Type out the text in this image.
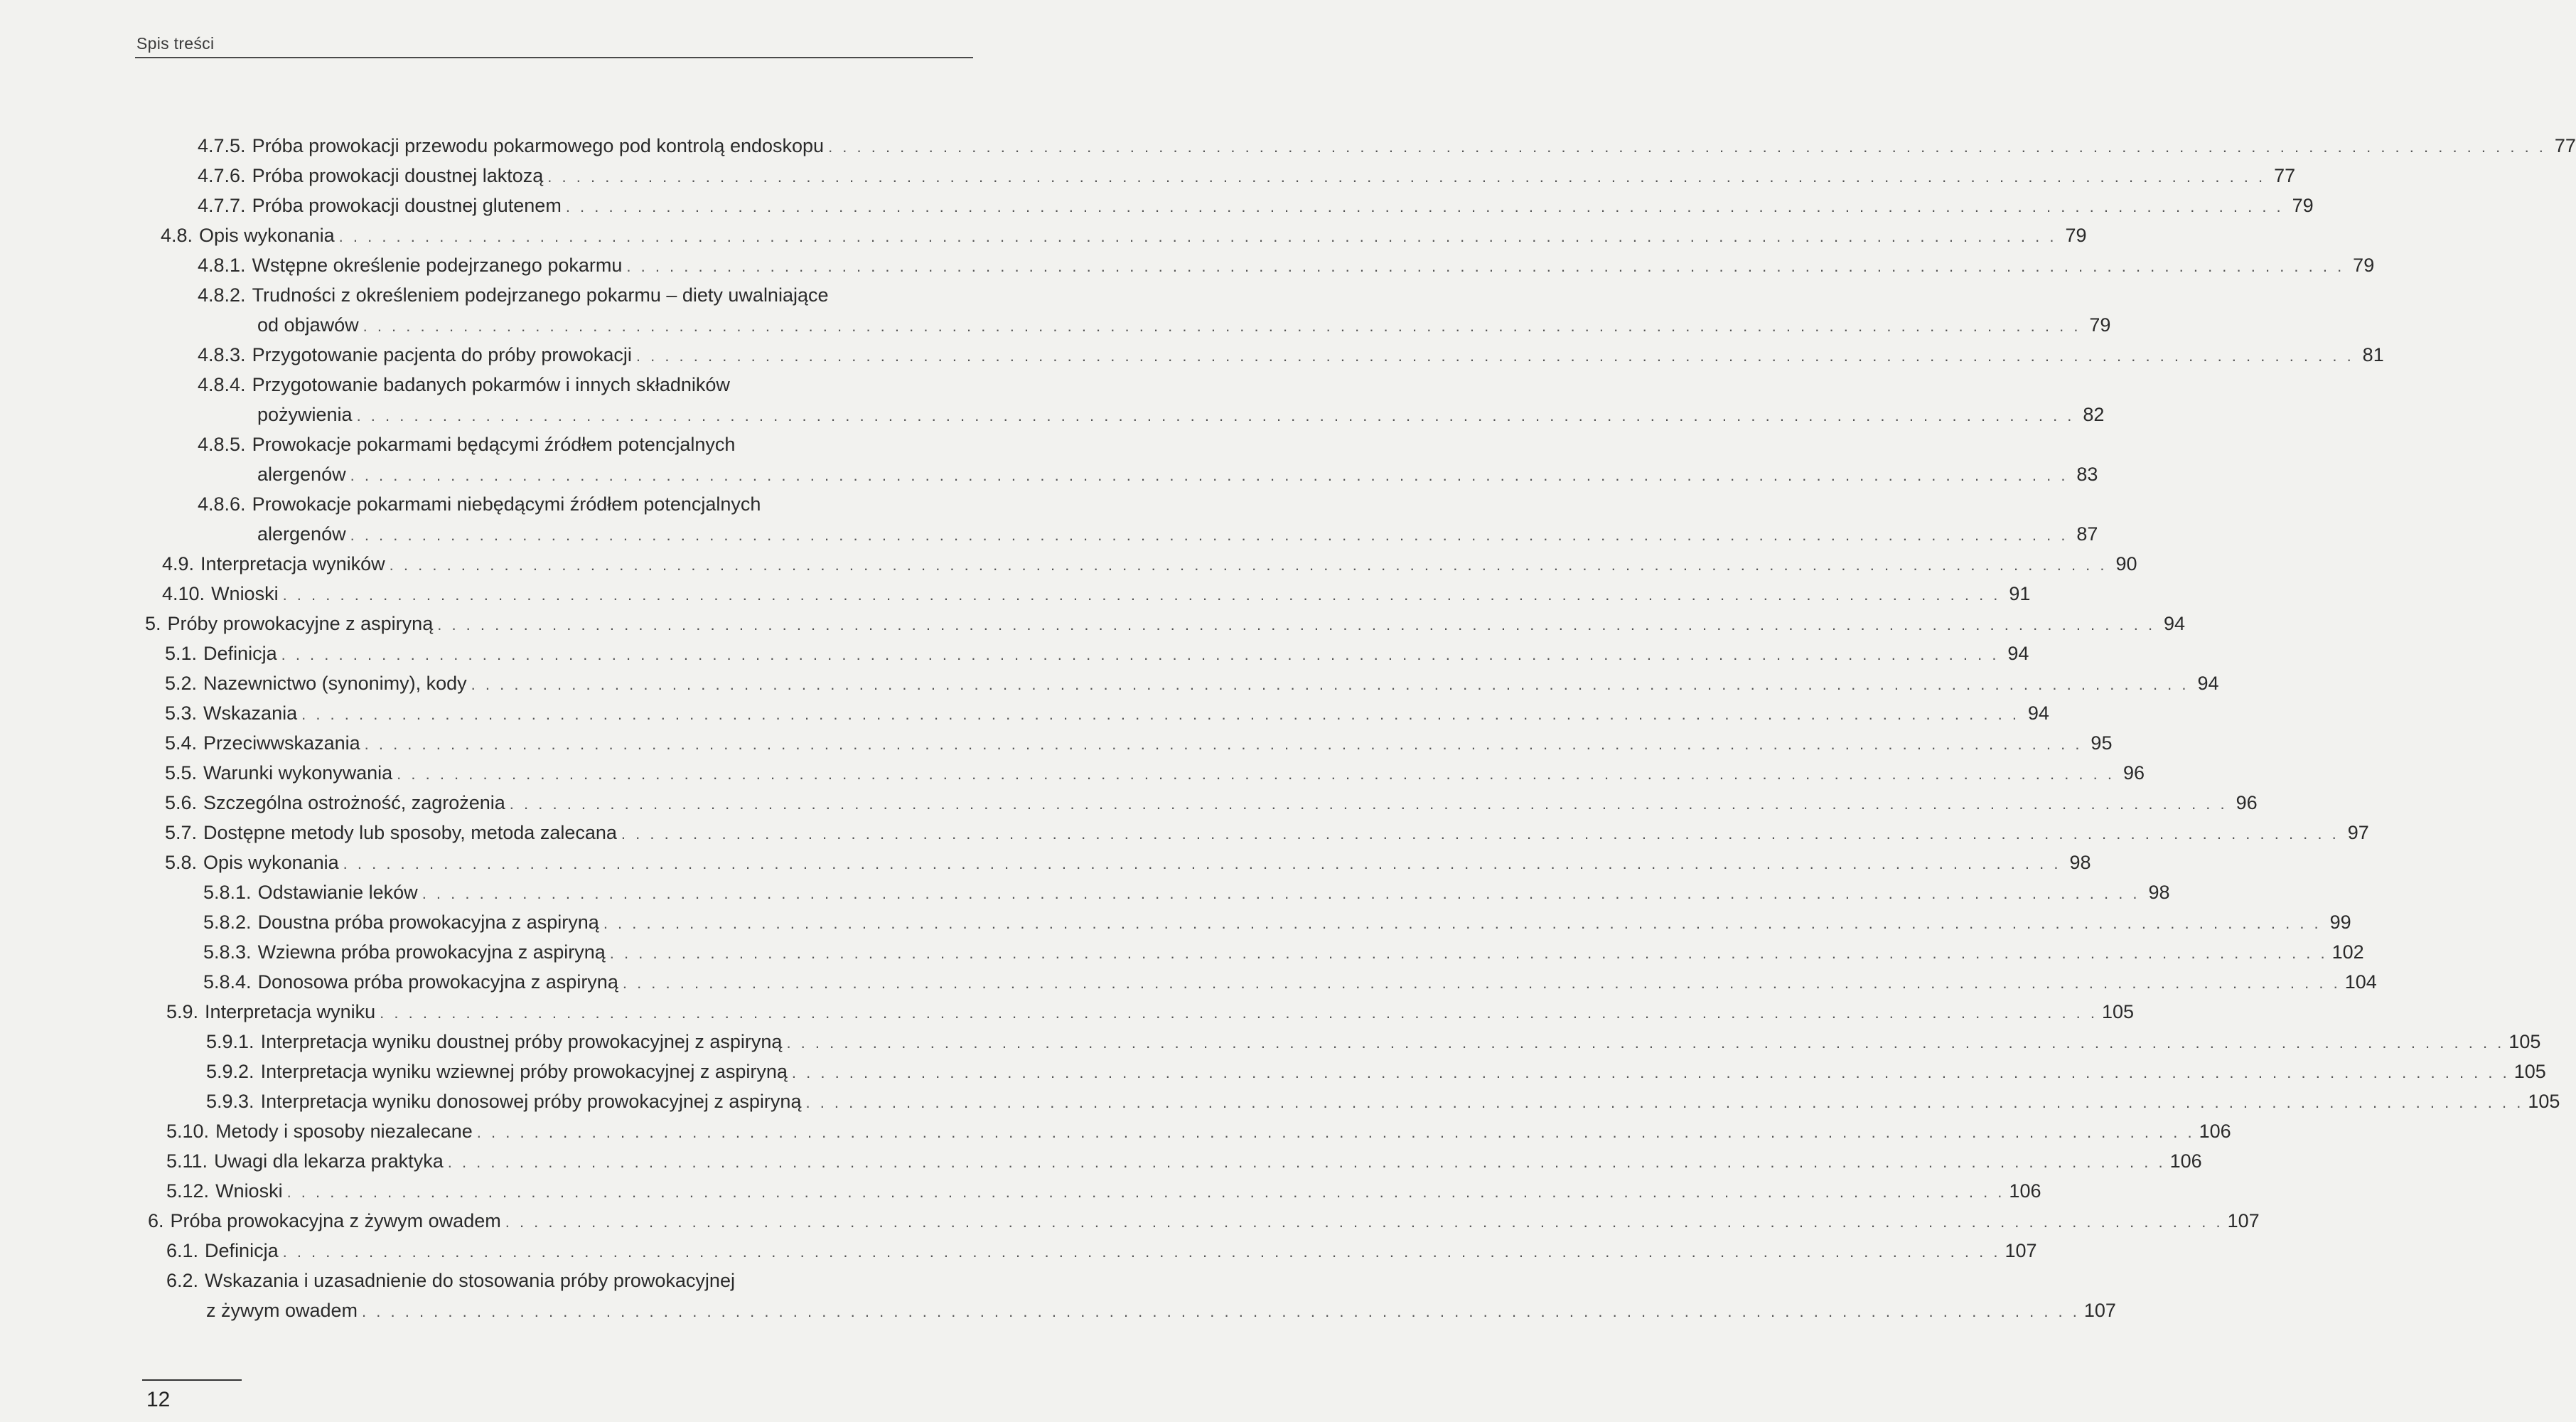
Spis treści
4.7.5. Próba prowokacji przewodu pokarmowego pod kontrolą endoskopu . . . . . . . . . . . . . . . . . . . . . . . . . . . . . . . . . . . . . . . . . . . . . . . . . . . . . . . . . . . . . . . . . . . . . . . . . . . . . . . . . . . . . . . . . . . . . . . . . . . . . . . . . . . . . . . . . . . . . . . . 77
4.7.6. Próba prowokacji doustnej laktozą . . . . . . . . . . . . . . . . . . . . . . . . . . . . . . . . . . . . . . . . . . . . . . . . . . . . . . . . . . . . . . . . . . . . . . . . . . . . . . . . . . . . . . . . . . . . . . . . . . . . . . . . . . . . . . . . . . . . . . . . 77
4.7.7. Próba prowokacji doustnej glutenem . . . . . . . . . . . . . . . . . . . . . . . . . . . . . . . . . . . . . . . . . . . . . . . . . . . . . . . . . . . . . . . . . . . . . . . . . . . . . . . . . . . . . . . . . . . . . . . . . . . . . . . . . . . . . . . . . . . . . . . . 79
4.8. Opis wykonania . . . . . . . . . . . . . . . . . . . . . . . . . . . . . . . . . . . . . . . . . . . . . . . . . . . . . . . . . . . . . . . . . . . . . . . . . . . . . . . . . . . . . . . . . . . . . . . . . . . . . . . . . . . . . . . . . . . . . . . . 79
4.8.1. Wstępne określenie podejrzanego pokarmu . . . . . . . . . . . . . . . . . . . . . . . . . . . . . . . . . . . . . . . . . . . . . . . . . . . . . . . . . . . . . . . . . . . . . . . . . . . . . . . . . . . . . . . . . . . . . . . . . . . . . . . . . . . . . . . . . . . . . . . . 79
4.8.2. Trudności z określeniem podejrzanego pokarmu – diety uwalniające
od objawów . . . . . . . . . . . . . . . . . . . . . . . . . . . . . . . . . . . . . . . . . . . . . . . . . . . . . . . . . . . . . . . . . . . . . . . . . . . . . . . . . . . . . . . . . . . . . . . . . . . . . . . . . . . . . . . . . . . . . . . . 79
4.8.3. Przygotowanie pacjenta do próby prowokacji . . . . . . . . . . . . . . . . . . . . . . . . . . . . . . . . . . . . . . . . . . . . . . . . . . . . . . . . . . . . . . . . . . . . . . . . . . . . . . . . . . . . . . . . . . . . . . . . . . . . . . . . . . . . . . . . . . . . . . . . 81
4.8.4. Przygotowanie badanych pokarmów i innych składników
pożywienia . . . . . . . . . . . . . . . . . . . . . . . . . . . . . . . . . . . . . . . . . . . . . . . . . . . . . . . . . . . . . . . . . . . . . . . . . . . . . . . . . . . . . . . . . . . . . . . . . . . . . . . . . . . . . . . . . . . . . . . . 82
4.8.5. Prowokacje pokarmami będącymi źródłem potencjalnych
alergenów . . . . . . . . . . . . . . . . . . . . . . . . . . . . . . . . . . . . . . . . . . . . . . . . . . . . . . . . . . . . . . . . . . . . . . . . . . . . . . . . . . . . . . . . . . . . . . . . . . . . . . . . . . . . . . . . . . . . . . . . 83
4.8.6. Prowokacje pokarmami niebędącymi źródłem potencjalnych
alergenów . . . . . . . . . . . . . . . . . . . . . . . . . . . . . . . . . . . . . . . . . . . . . . . . . . . . . . . . . . . . . . . . . . . . . . . . . . . . . . . . . . . . . . . . . . . . . . . . . . . . . . . . . . . . . . . . . . . . . . . . 87
4.9. Interpretacja wyników . . . . . . . . . . . . . . . . . . . . . . . . . . . . . . . . . . . . . . . . . . . . . . . . . . . . . . . . . . . . . . . . . . . . . . . . . . . . . . . . . . . . . . . . . . . . . . . . . . . . . . . . . . . . . . . . . . . . . . . . 90
4.10. Wnioski . . . . . . . . . . . . . . . . . . . . . . . . . . . . . . . . . . . . . . . . . . . . . . . . . . . . . . . . . . . . . . . . . . . . . . . . . . . . . . . . . . . . . . . . . . . . . . . . . . . . . . . . . . . . . . . . . . . . . . . . 91
5. Próby prowokacyjne z aspiryną . . . . . . . . . . . . . . . . . . . . . . . . . . . . . . . . . . . . . . . . . . . . . . . . . . . . . . . . . . . . . . . . . . . . . . . . . . . . . . . . . . . . . . . . . . . . . . . . . . . . . . . . . . . . . . . . . . . . . . . . 94
5.1. Definicja . . . . . . . . . . . . . . . . . . . . . . . . . . . . . . . . . . . . . . . . . . . . . . . . . . . . . . . . . . . . . . . . . . . . . . . . . . . . . . . . . . . . . . . . . . . . . . . . . . . . . . . . . . . . . . . . . . . . . . . . 94
5.2. Nazewnictwo (synonimy), kody . . . . . . . . . . . . . . . . . . . . . . . . . . . . . . . . . . . . . . . . . . . . . . . . . . . . . . . . . . . . . . . . . . . . . . . . . . . . . . . . . . . . . . . . . . . . . . . . . . . . . . . . . . . . . . . . . . . . . . . . 94
5.3. Wskazania . . . . . . . . . . . . . . . . . . . . . . . . . . . . . . . . . . . . . . . . . . . . . . . . . . . . . . . . . . . . . . . . . . . . . . . . . . . . . . . . . . . . . . . . . . . . . . . . . . . . . . . . . . . . . . . . . . . . . . . . 94
5.4. Przeciwwskazania . . . . . . . . . . . . . . . . . . . . . . . . . . . . . . . . . . . . . . . . . . . . . . . . . . . . . . . . . . . . . . . . . . . . . . . . . . . . . . . . . . . . . . . . . . . . . . . . . . . . . . . . . . . . . . . . . . . . . . . . 95
5.5. Warunki wykonywania . . . . . . . . . . . . . . . . . . . . . . . . . . . . . . . . . . . . . . . . . . . . . . . . . . . . . . . . . . . . . . . . . . . . . . . . . . . . . . . . . . . . . . . . . . . . . . . . . . . . . . . . . . . . . . . . . . . . . . . . 96
5.6. Szczególna ostrożność, zagrożenia . . . . . . . . . . . . . . . . . . . . . . . . . . . . . . . . . . . . . . . . . . . . . . . . . . . . . . . . . . . . . . . . . . . . . . . . . . . . . . . . . . . . . . . . . . . . . . . . . . . . . . . . . . . . . . . . . . . . . . . . 96
5.7. Dostępne metody lub sposoby, metoda zalecana . . . . . . . . . . . . . . . . . . . . . . . . . . . . . . . . . . . . . . . . . . . . . . . . . . . . . . . . . . . . . . . . . . . . . . . . . . . . . . . . . . . . . . . . . . . . . . . . . . . . . . . . . . . . . . . . . . . . . . . . 97
5.8. Opis wykonania . . . . . . . . . . . . . . . . . . . . . . . . . . . . . . . . . . . . . . . . . . . . . . . . . . . . . . . . . . . . . . . . . . . . . . . . . . . . . . . . . . . . . . . . . . . . . . . . . . . . . . . . . . . . . . . . . . . . . . . . 98
5.8.1. Odstawianie leków . . . . . . . . . . . . . . . . . . . . . . . . . . . . . . . . . . . . . . . . . . . . . . . . . . . . . . . . . . . . . . . . . . . . . . . . . . . . . . . . . . . . . . . . . . . . . . . . . . . . . . . . . . . . . . . . . . . . . . . . 98
5.8.2. Doustna próba prowokacyjna z aspiryną . . . . . . . . . . . . . . . . . . . . . . . . . . . . . . . . . . . . . . . . . . . . . . . . . . . . . . . . . . . . . . . . . . . . . . . . . . . . . . . . . . . . . . . . . . . . . . . . . . . . . . . . . . . . . . . . . . . . . . . . 99
5.8.3. Wziewna próba prowokacyjna z aspiryną . . . . . . . . . . . . . . . . . . . . . . . . . . . . . . . . . . . . . . . . . . . . . . . . . . . . . . . . . . . . . . . . . . . . . . . . . . . . . . . . . . . . . . . . . . . . . . . . . . . . . . . . . . . . . . . . . . . . . . . . 102
5.8.4. Donosowa próba prowokacyjna z aspiryną . . . . . . . . . . . . . . . . . . . . . . . . . . . . . . . . . . . . . . . . . . . . . . . . . . . . . . . . . . . . . . . . . . . . . . . . . . . . . . . . . . . . . . . . . . . . . . . . . . . . . . . . . . . . . . . . . . . . . . . . 104
5.9. Interpretacja wyniku . . . . . . . . . . . . . . . . . . . . . . . . . . . . . . . . . . . . . . . . . . . . . . . . . . . . . . . . . . . . . . . . . . . . . . . . . . . . . . . . . . . . . . . . . . . . . . . . . . . . . . . . . . . . . . . . . . . . . . . . 105
5.9.1. Interpretacja wyniku doustnej próby prowokacyjnej z aspiryną . . . . . . . . . . . . . . . . . . . . . . . . . . . . . . . . . . . . . . . . . . . . . . . . . . . . . . . . . . . . . . . . . . . . . . . . . . . . . . . . . . . . . . . . . . . . . . . . . . . . . . . . . . . . . . . . . . . . . . . . 105
5.9.2. Interpretacja wyniku wziewnej próby prowokacyjnej z aspiryną . . . . . . . . . . . . . . . . . . . . . . . . . . . . . . . . . . . . . . . . . . . . . . . . . . . . . . . . . . . . . . . . . . . . . . . . . . . . . . . . . . . . . . . . . . . . . . . . . . . . . . . . . . . . . . . . . . . . . . . . 105
5.9.3. Interpretacja wyniku donosowej próby prowokacyjnej z aspiryną . . . . . . . . . . . . . . . . . . . . . . . . . . . . . . . . . . . . . . . . . . . . . . . . . . . . . . . . . . . . . . . . . . . . . . . . . . . . . . . . . . . . . . . . . . . . . . . . . . . . . . . . . . . . . . . . . . . . . . . . 105
5.10. Metody i sposoby niezalecane . . . . . . . . . . . . . . . . . . . . . . . . . . . . . . . . . . . . . . . . . . . . . . . . . . . . . . . . . . . . . . . . . . . . . . . . . . . . . . . . . . . . . . . . . . . . . . . . . . . . . . . . . . . . . . . . . . . . . . . . 106
5.11. Uwagi dla lekarza praktyka . . . . . . . . . . . . . . . . . . . . . . . . . . . . . . . . . . . . . . . . . . . . . . . . . . . . . . . . . . . . . . . . . . . . . . . . . . . . . . . . . . . . . . . . . . . . . . . . . . . . . . . . . . . . . . . . . . . . . . . . 106
5.12. Wnioski . . . . . . . . . . . . . . . . . . . . . . . . . . . . . . . . . . . . . . . . . . . . . . . . . . . . . . . . . . . . . . . . . . . . . . . . . . . . . . . . . . . . . . . . . . . . . . . . . . . . . . . . . . . . . . . . . . . . . . . . 106
6. Próba prowokacyjna z żywym owadem . . . . . . . . . . . . . . . . . . . . . . . . . . . . . . . . . . . . . . . . . . . . . . . . . . . . . . . . . . . . . . . . . . . . . . . . . . . . . . . . . . . . . . . . . . . . . . . . . . . . . . . . . . . . . . . . . . . . . . . . 107
6.1. Definicja . . . . . . . . . . . . . . . . . . . . . . . . . . . . . . . . . . . . . . . . . . . . . . . . . . . . . . . . . . . . . . . . . . . . . . . . . . . . . . . . . . . . . . . . . . . . . . . . . . . . . . . . . . . . . . . . . . . . . . . . 107
6.2. Wskazania i uzasadnienie do stosowania próby prowokacyjnej
z żywym owadem . . . . . . . . . . . . . . . . . . . . . . . . . . . . . . . . . . . . . . . . . . . . . . . . . . . . . . . . . . . . . . . . . . . . . . . . . . . . . . . . . . . . . . . . . . . . . . . . . . . . . . . . . . . . . . . . . . . . . . . . 107
12
